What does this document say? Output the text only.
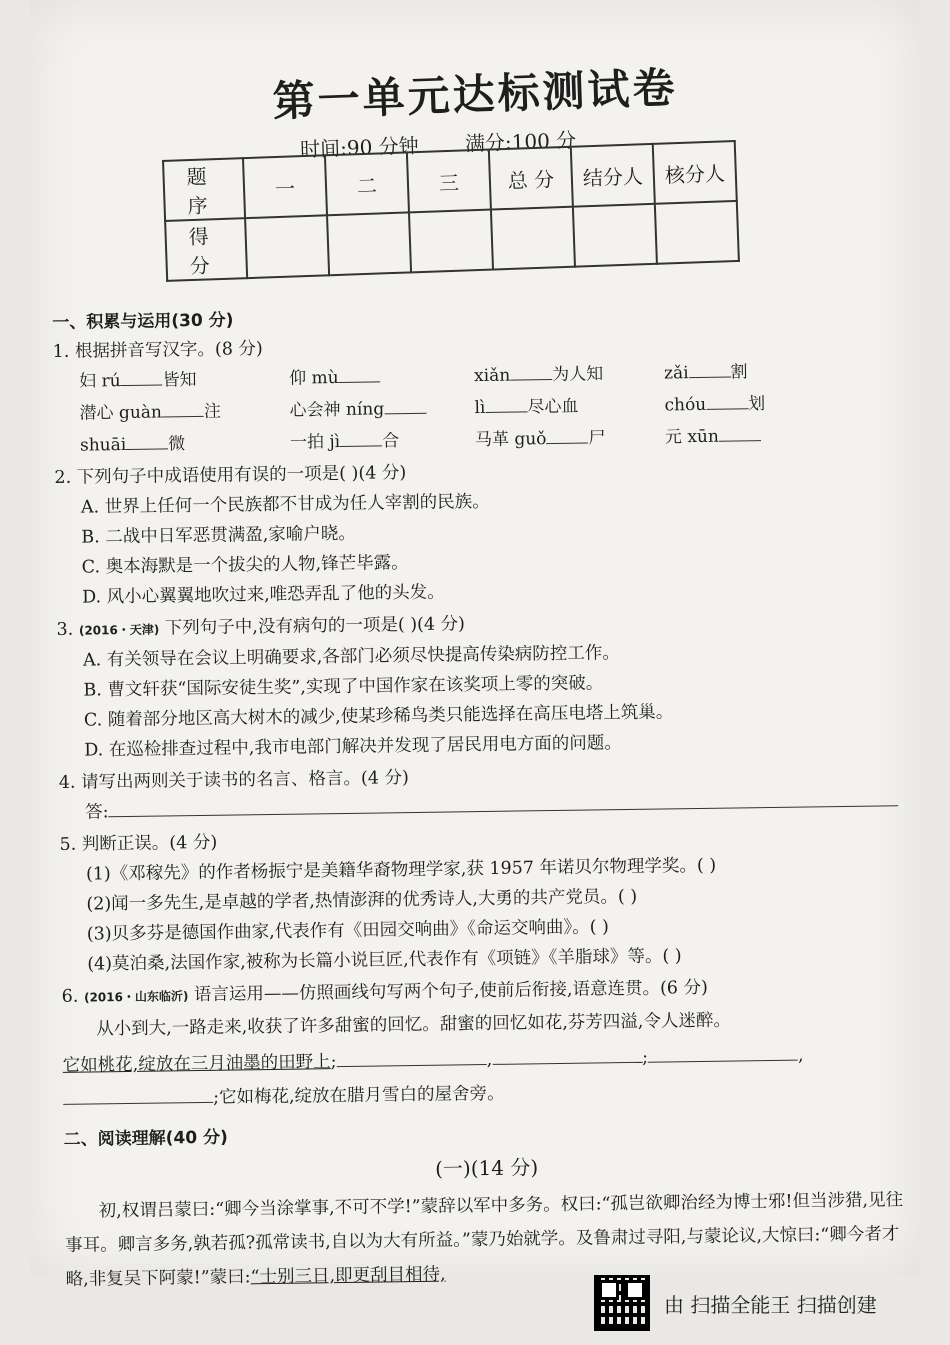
第一单元达标测试卷
时间:90 分钟 满分:100 分
题 序	一	二	三	总 分	结分人	核分人
得 分						
一、积累与运用(30 分)
1. 根据拼音写汉字。(8 分)
妇 rú 皆知	仰 mù	xiǎn 为人知	zǎi 割
潜心 guàn 注	心会神 níng	lì 尽心血	chóu 划
shuāi 微	一拍 jì 合	马革 guǒ 尸	元 xūn
2. 下列句子中成语使用有误的一项是( )(4 分)
A. 世界上任何一个民族都不甘成为任人宰割的民族。
B. 二战中日军恶贯满盈,家喻户晓。
C. 奥本海默是一个拔尖的人物,锋芒毕露。
D. 风小心翼翼地吹过来,唯恐弄乱了他的头发。
3. (2016・天津) 下列句子中,没有病句的一项是( )(4 分)
A. 有关领导在会议上明确要求,各部门必须尽快提高传染病防控工作。
B. 曹文轩获“国际安徒生奖”,实现了中国作家在该奖项上零的突破。
C. 随着部分地区高大树木的减少,使某珍稀鸟类只能选择在高压电塔上筑巢。
D. 在巡检排查过程中,我市电部门解决并发现了居民用电方面的问题。
4. 请写出两则关于读书的名言、格言。(4 分)
答:
5. 判断正误。(4 分)
(1)《邓稼先》的作者杨振宁是美籍华裔物理学家,获 1957 年诺贝尔物理学奖。( )
(2)闻一多先生,是卓越的学者,热情澎湃的优秀诗人,大勇的共产党员。( )
(3)贝多芬是德国作曲家,代表作有《田园交响曲》《命运交响曲》。( )
(4)莫泊桑,法国作家,被称为长篇小说巨匠,代表作有《项链》《羊脂球》等。( )
6. (2016・山东临沂) 语言运用——仿照画线句写两个句子,使前后衔接,语意连贯。(6 分)
从小到大,一路走来,收获了许多甜蜜的回忆。甜蜜的回忆如花,芬芳四溢,令人迷醉。
它如桃花,绽放在三月油墨的田野上;	,	;	,
;它如梅花,绽放在腊月雪白的屋舍旁。
二、阅读理解(40 分)
(一)(14 分)
初,权谓吕蒙曰:“卿今当涂掌事,不可不学!”蒙辞以军中多务。权曰:“孤岂欲卿治经为博士邪!但当涉猎,见往事耳。卿言多务,孰若孤?孤常读书,自以为大有所益。”蒙乃始就学。及鲁肃过寻阳,与蒙论议,大惊曰:“卿今者才略,非复吴下阿蒙!”蒙曰:“士别三日,即更刮目相待,
由 扫描全能王 扫描创建
